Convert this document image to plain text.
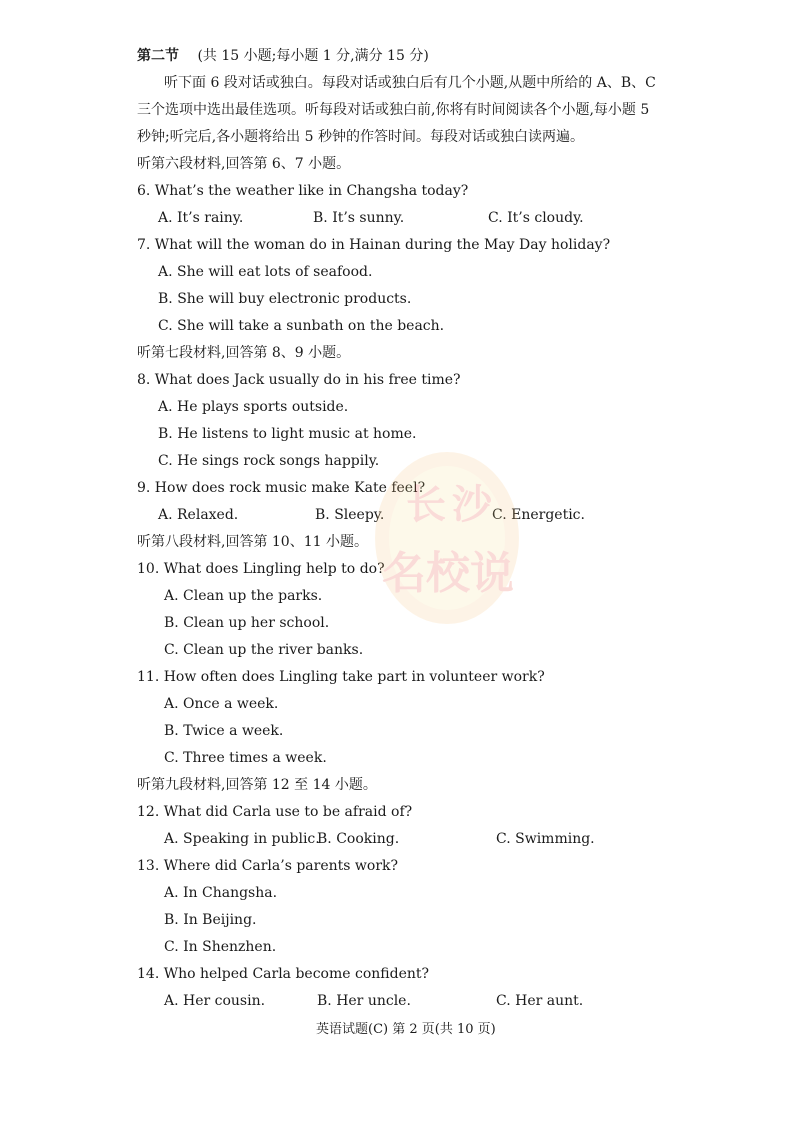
第二节 (共 15 小题;每小题 1 分,满分 15 分)
听下面 6 段对话或独白。每段对话或独白后有几个小题,从题中所给的 A、B、C
三个选项中选出最佳选项。听每段对话或独白前,你将有时间阅读各个小题,每小题 5
秒钟;听完后,各小题将给出 5 秒钟的作答时间。每段对话或独白读两遍。
听第六段材料,回答第 6、7 小题。
6. What’s the weather like in Changsha today?
A. It’s rainy.	B. It’s sunny.	C. It’s cloudy.
7. What will the woman do in Hainan during the May Day holiday?
A. She will eat lots of seafood.
B. She will buy electronic products.
C. She will take a sunbath on the beach.
听第七段材料,回答第 8、9 小题。
8. What does Jack usually do in his free time?
A. He plays sports outside.
B. He listens to light music at home.
C. He sings rock songs happily.
9. How does rock music make Kate feel?
A. Relaxed.	B. Sleepy.	C. Energetic.
听第八段材料,回答第 10、11 小题。
10. What does Lingling help to do?
A. Clean up the parks.
B. Clean up her school.
C. Clean up the river banks.
11. How often does Lingling take part in volunteer work?
A. Once a week.
B. Twice a week.
C. Three times a week.
听第九段材料,回答第 12 至 14 小题。
12. What did Carla use to be afraid of?
A. Speaking in public.
B. Cooking.	C. Swimming.
13. Where did Carla’s parents work?
A. In Changsha.
B. In Beijing.
C. In Shenzhen.
14. Who helped Carla become confident?
A. Her cousin.	B. Her uncle.	C. Her aunt.
英语试题(C) 第 2 页(共 10 页)
长 沙
名 校 说
